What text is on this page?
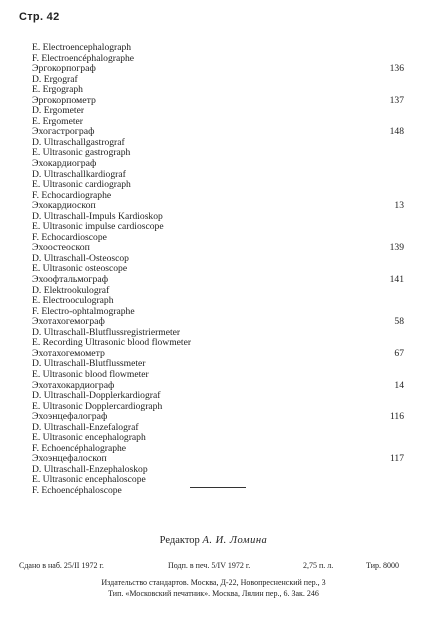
Стр. 42
E. Electroencephalograph
F. Electroencéphalographe
Эргокорпограф	136
D. Ergograf
E. Ergograph
Эргокорпометр	137
D. Ergometer
E. Ergometer
Эхогастрограф	148
D. Ultraschallgastrograf
E. Ultrasonic gastrograph
Эхокардиограф
D. Ultraschallkardiograf
E. Ultrasonic cardiograph
F. Echocardiographe
Эхокардиоскоп	13
D. Ultraschall-Impuls Kardioskop
E. Ultrasonic impulse cardioscope
F. Echocardioscope
Эхоостеоскоп	139
D. Ultraschall-Osteoscop
E. Ultrasonic osteoscope
Эхоофтальмограф	141
D. Elektrookulograf
E. Electrooculograph
F. Electro-ophtalmographe
Эхотахогемограф	58
D. Ultraschall-Blutflussregistriermeter
E. Recording Ultrasonic blood flowmeter
Эхотахогемометр	67
D. Ultraschall-Blutflussmeter
E. Ultrasonic blood flowmeter
Эхотахокардиограф	14
D. Ultraschall-Dopplerkardiograf
E. Ultrasonic Dopplercardiograph
Эхоэнцефалограф	116
D. Ultraschall-Enzefalograf
E. Ultrasonic encephalograph
F. Echoencéphalographe
Эхоэнцефалоскоп	117
D. Ultraschall-Enzephaloskop
E. Ultrasonic encephaloscope
F. Echoencéphaloscope
Редактор А. И. Ломина
Сдано в наб. 25/II 1972 г.	Подп. в печ. 5/IV 1972 г.	2,75 п. л.	Тир. 8000
Издательство стандартов. Москва, Д-22, Новопресненский пер., 3
Тип. «Московский печатник». Москва, Лялин пер., 6. Зак. 246
